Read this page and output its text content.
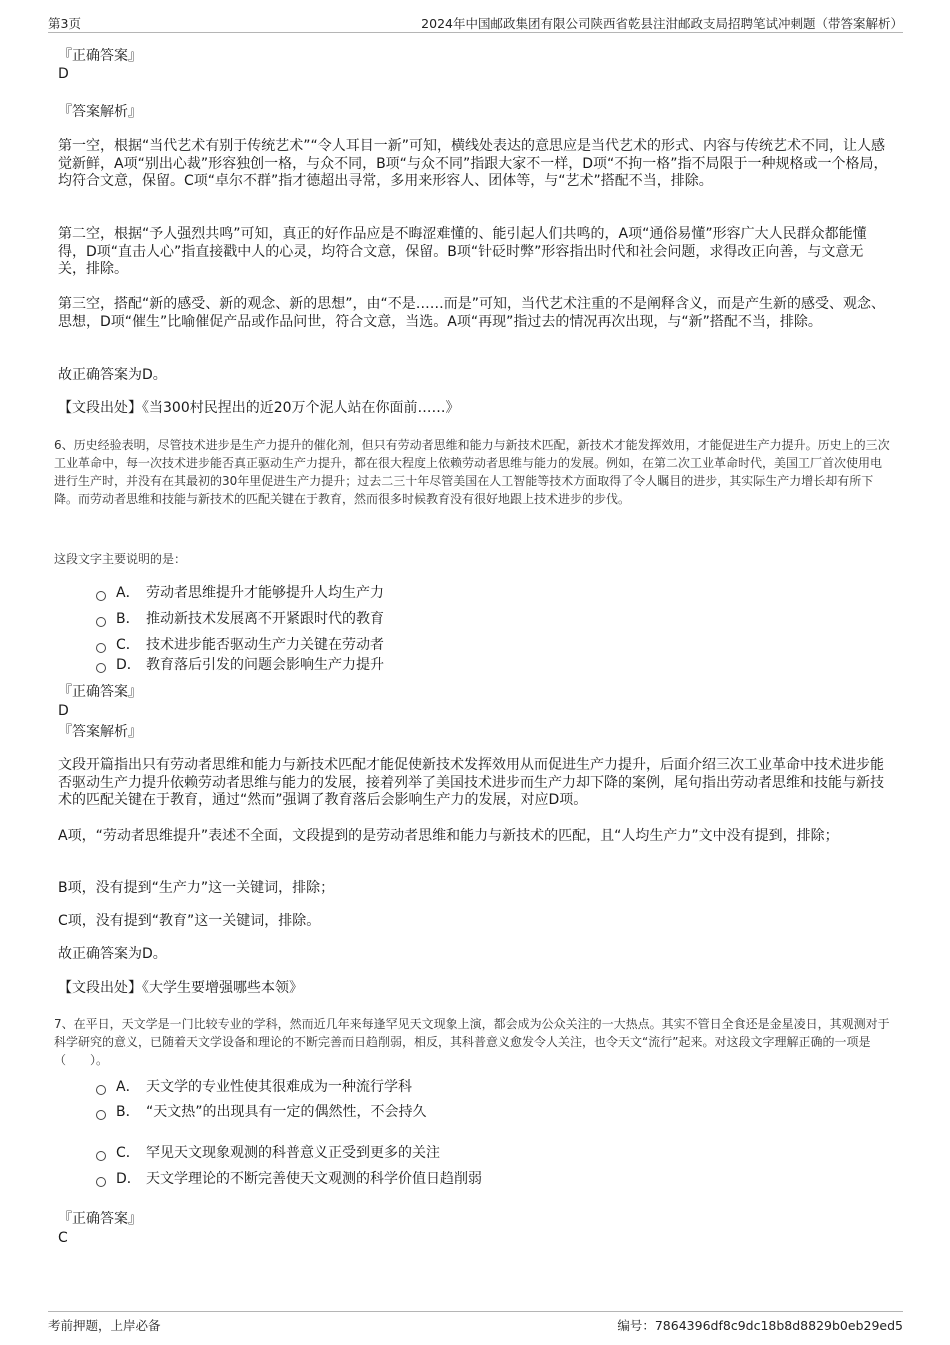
第3页	2024年中国邮政集团有限公司陕西省乾县注泔邮政支局招聘笔试冲刺题（带答案解析）
『正确答案』
D
『答案解析』
第一空，根据“当代艺术有别于传统艺术”“令人耳目一新”可知，横线处表达的意思应是当代艺术的形式、内容与传统艺术不同，让人感觉新鲜，A项“别出心裁”形容独创一格，与众不同，B项“与众不同”指跟大家不一样，D项“不拘一格”指不局限于一种规格或一个格局，均符合文意，保留。C项“卓尔不群”指才德超出寻常，多用来形容人、团体等，与“艺术”搭配不当，排除。
第二空，根据“予人强烈共鸣”可知，真正的好作品应是不晦涩难懂的、能引起人们共鸣的，A项“通俗易懂”形容广大人民群众都能懂得，D项“直击人心”指直接戳中人的心灵，均符合文意，保留。B项“针砭时弊”形容指出时代和社会问题，求得改正向善，与文意无关，排除。
第三空，搭配“新的感受、新的观念、新的思想”，由“不是……而是”可知，当代艺术注重的不是阐释含义，而是产生新的感受、观念、思想，D项“催生”比喻催促产品或作品问世，符合文意，当选。A项“再现”指过去的情况再次出现，与“新”搭配不当，排除。
故正确答案为D。
【文段出处】《当300村民捏出的近20万个泥人站在你面前……》
6、历史经验表明，尽管技术进步是生产力提升的催化剂，但只有劳动者思维和能力与新技术匹配，新技术才能发挥效用，才能促进生产力提升。历史上的三次工业革命中，每一次技术进步能否真正驱动生产力提升，都在很大程度上依赖劳动者思维与能力的发展。例如，在第二次工业革命时代，美国工厂首次使用电进行生产时，并没有在其最初的30年里促进生产力提升；过去二三十年尽管美国在人工智能等技术方面取得了令人瞩目的进步，其实际生产力增长却有所下降。而劳动者思维和技能与新技术的匹配关键在于教育，然而很多时候教育没有很好地跟上技术进步的步伐。
这段文字主要说明的是：
A． 劳动者思维提升才能够提升人均生产力
B． 推动新技术发展离不开紧跟时代的教育
C． 技术进步能否驱动生产力关键在劳动者
D． 教育落后引发的问题会影响生产力提升
『正确答案』
D
『答案解析』
文段开篇指出只有劳动者思维和能力与新技术匹配才能促使新技术发挥效用从而促进生产力提升，后面介绍三次工业革命中技术进步能否驱动生产力提升依赖劳动者思维与能力的发展，接着列举了美国技术进步而生产力却下降的案例，尾句指出劳动者思维和技能与新技术的匹配关键在于教育，通过“然而”强调了教育落后会影响生产力的发展，对应D项。
A项，“劳动者思维提升”表述不全面，文段提到的是劳动者思维和能力与新技术的匹配，且“人均生产力”文中没有提到，排除；
B项，没有提到“生产力”这一关键词，排除；
C项，没有提到“教育”这一关键词，排除。
故正确答案为D。
【文段出处】《大学生要增强哪些本领》
7、在平日，天文学是一门比较专业的学科，然而近几年来每逢罕见天文现象上演，都会成为公众关注的一大热点。其实不管日全食还是金星凌日，其观测对于科学研究的意义，已随着天文学设备和理论的不断完善而日趋削弱，相反，其科普意义愈发令人关注，也令天文“流行”起来。对这段文字理解正确的一项是（　　）。
A． 天文学的专业性使其很难成为一种流行学科
B． “天文热”的出现具有一定的偶然性，不会持久
C． 罕见天文现象观测的科普意义正受到更多的关注
D． 天文学理论的不断完善使天文观测的科学价值日趋削弱
『正确答案』
C
考前押题，上岸必备	编号：7864396df8c9dc18b8d8829b0eb29ed5
